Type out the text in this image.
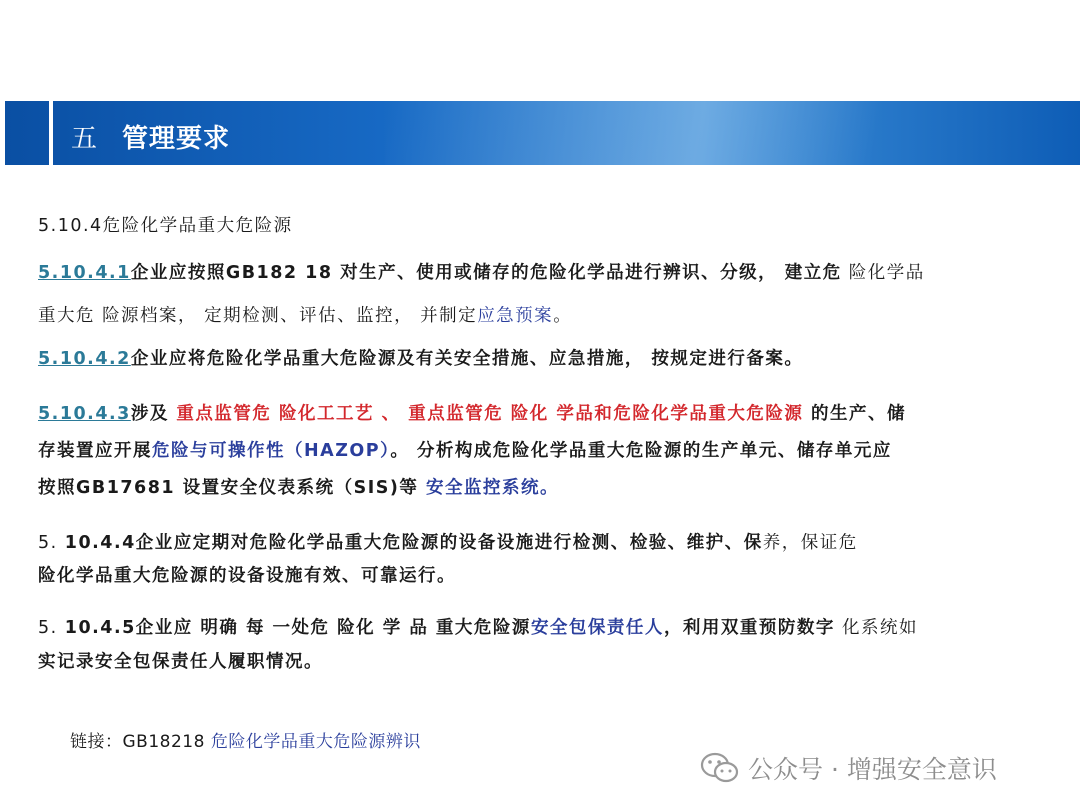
五 管理要求
5.10.4危险化学品重大危险源
5.10.4.1企业应按照GB182 18 对生产、使用或储存的危险化学品进行辨识、分级， 建立危 险化学品
重大危 险源档案， 定期检测、评估、监控， 并制定应急预案。
5.10.4.2企业应将危险化学品重大危险源及有关安全措施、应急措施， 按规定进行备案。
5.10.4.3涉及 重点监管危 险化工工艺 、 重点监管危 险化 学品和危险化学品重大危险源 的生产、储
存装置应开展危险与可操作性（HAZOP）。 分析构成危险化学品重大危险源的生产单元、储存单元应
按照GB17681 设置安全仪表系统（SIS)等 安全监控系统。
5. 10.4.4企业应定期对危险化学品重大危险源的设备设施进行检测、检验、维护、保养，保证危
险化学品重大危险源的设备设施有效、可靠运行。
5. 10.4.5企业应 明确 每 一处危 险化 学 品 重大危险源安全包保责任人，利用双重预防数字 化系统如
实记录安全包保责任人履职情况。
链接：GB18218 危险化学品重大危险源辨识
公众号 · 增强安全意识
